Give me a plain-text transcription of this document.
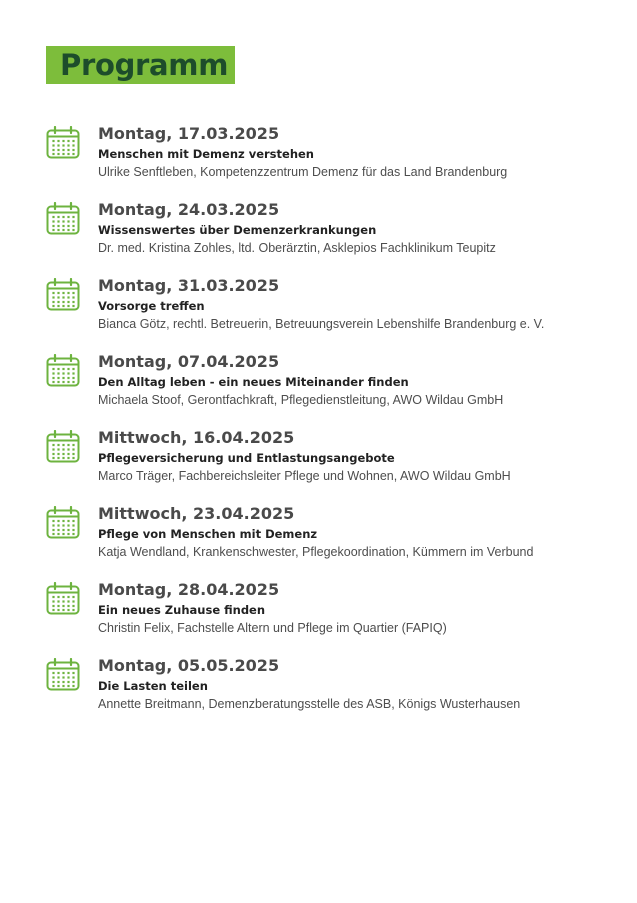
Programm
Montag, 17.03.2025
Menschen mit Demenz verstehen
Ulrike Senftleben, Kompetenzzentrum Demenz für das Land Brandenburg
Montag, 24.03.2025
Wissenswertes über Demenzerkrankungen
Dr. med. Kristina Zohles, ltd. Oberärztin, Asklepios Fachklinikum Teupitz
Montag, 31.03.2025
Vorsorge treffen
Bianca Götz, rechtl. Betreuerin, Betreuungsverein Lebenshilfe Brandenburg e. V.
Montag, 07.04.2025
Den Alltag leben - ein neues Miteinander finden
Michaela Stoof, Gerontfachkraft, Pflegedienstleitung, AWO Wildau GmbH
Mittwoch, 16.04.2025
Pflegeversicherung und Entlastungsangebote
Marco Träger, Fachbereichsleiter Pflege und Wohnen, AWO Wildau GmbH
Mittwoch, 23.04.2025
Pflege von Menschen mit Demenz
Katja Wendland, Krankenschwester, Pflegekoordination, Kümmern im Verbund
Montag, 28.04.2025
Ein neues Zuhause finden
Christin Felix, Fachstelle Altern und Pflege im Quartier (FAPIQ)
Montag, 05.05.2025
Die Lasten teilen
Annette Breitmann, Demenzberatungsstelle des ASB, Königs Wusterhausen
